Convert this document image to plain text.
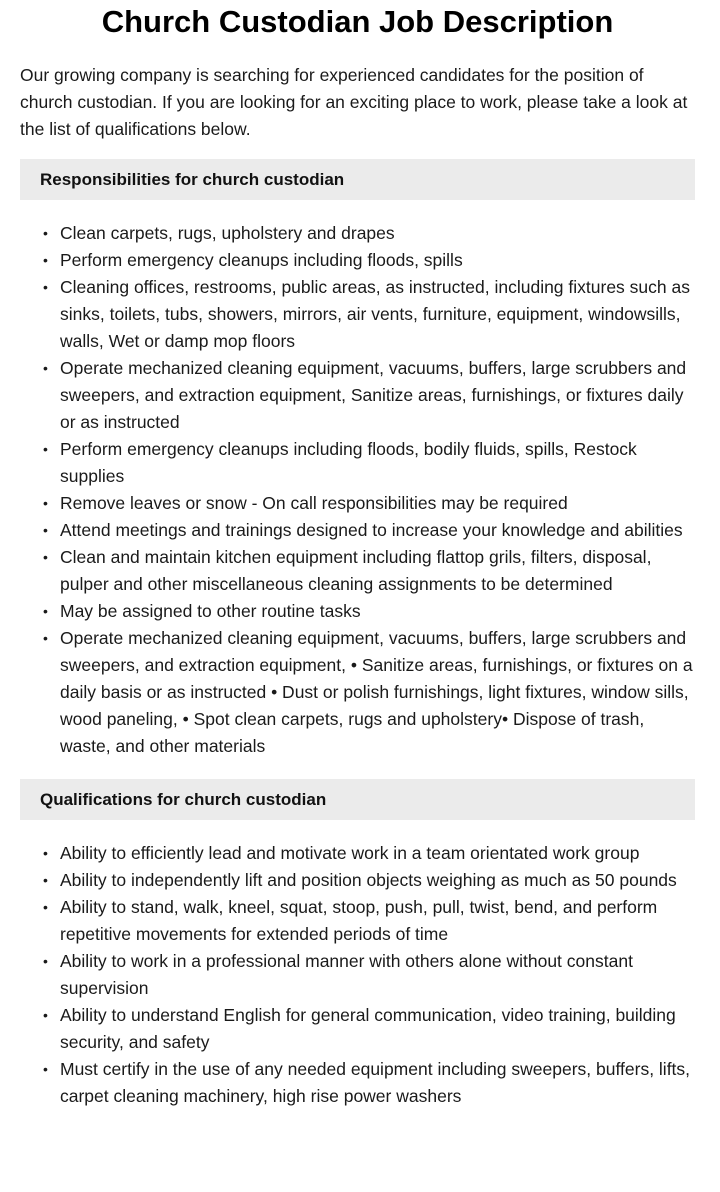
Church Custodian Job Description

Our growing company is searching for experienced candidates for the position of church custodian. If you are looking for an exciting place to work, please take a look at the list of qualifications below.

Responsibilities for church custodian
• Clean carpets, rugs, upholstery and drapes
• Perform emergency cleanups including floods, spills
• Cleaning offices, restrooms, public areas, as instructed, including fixtures such as sinks, toilets, tubs, showers, mirrors, air vents, furniture, equipment, windowsills, walls, Wet or damp mop floors
• Operate mechanized cleaning equipment, vacuums, buffers, large scrubbers and sweepers, and extraction equipment, Sanitize areas, furnishings, or fixtures daily or as instructed
• Perform emergency cleanups including floods, bodily fluids, spills, Restock supplies
• Remove leaves or snow - On call responsibilities may be required
• Attend meetings and trainings designed to increase your knowledge and abilities
• Clean and maintain kitchen equipment including flattop grils, filters, disposal, pulper and other miscellaneous cleaning assignments to be determined
• May be assigned to other routine tasks
• Operate mechanized cleaning equipment, vacuums, buffers, large scrubbers and sweepers, and extraction equipment, • Sanitize areas, furnishings, or fixtures on a daily basis or as instructed • Dust or polish furnishings, light fixtures, window sills, wood paneling, • Spot clean carpets, rugs and upholstery• Dispose of trash, waste, and other materials
Qualifications for church custodian
• Ability to efficiently lead and motivate work in a team orientated work group
• Ability to independently lift and position objects weighing as much as 50 pounds
• Ability to stand, walk, kneel, squat, stoop, push, pull, twist, bend, and perform repetitive movements for extended periods of time
• Ability to work in a professional manner with others alone without constant supervision
• Ability to understand English for general communication, video training, building security, and safety
• Must certify in the use of any needed equipment including sweepers, buffers, lifts, carpet cleaning machinery, high rise power washers
